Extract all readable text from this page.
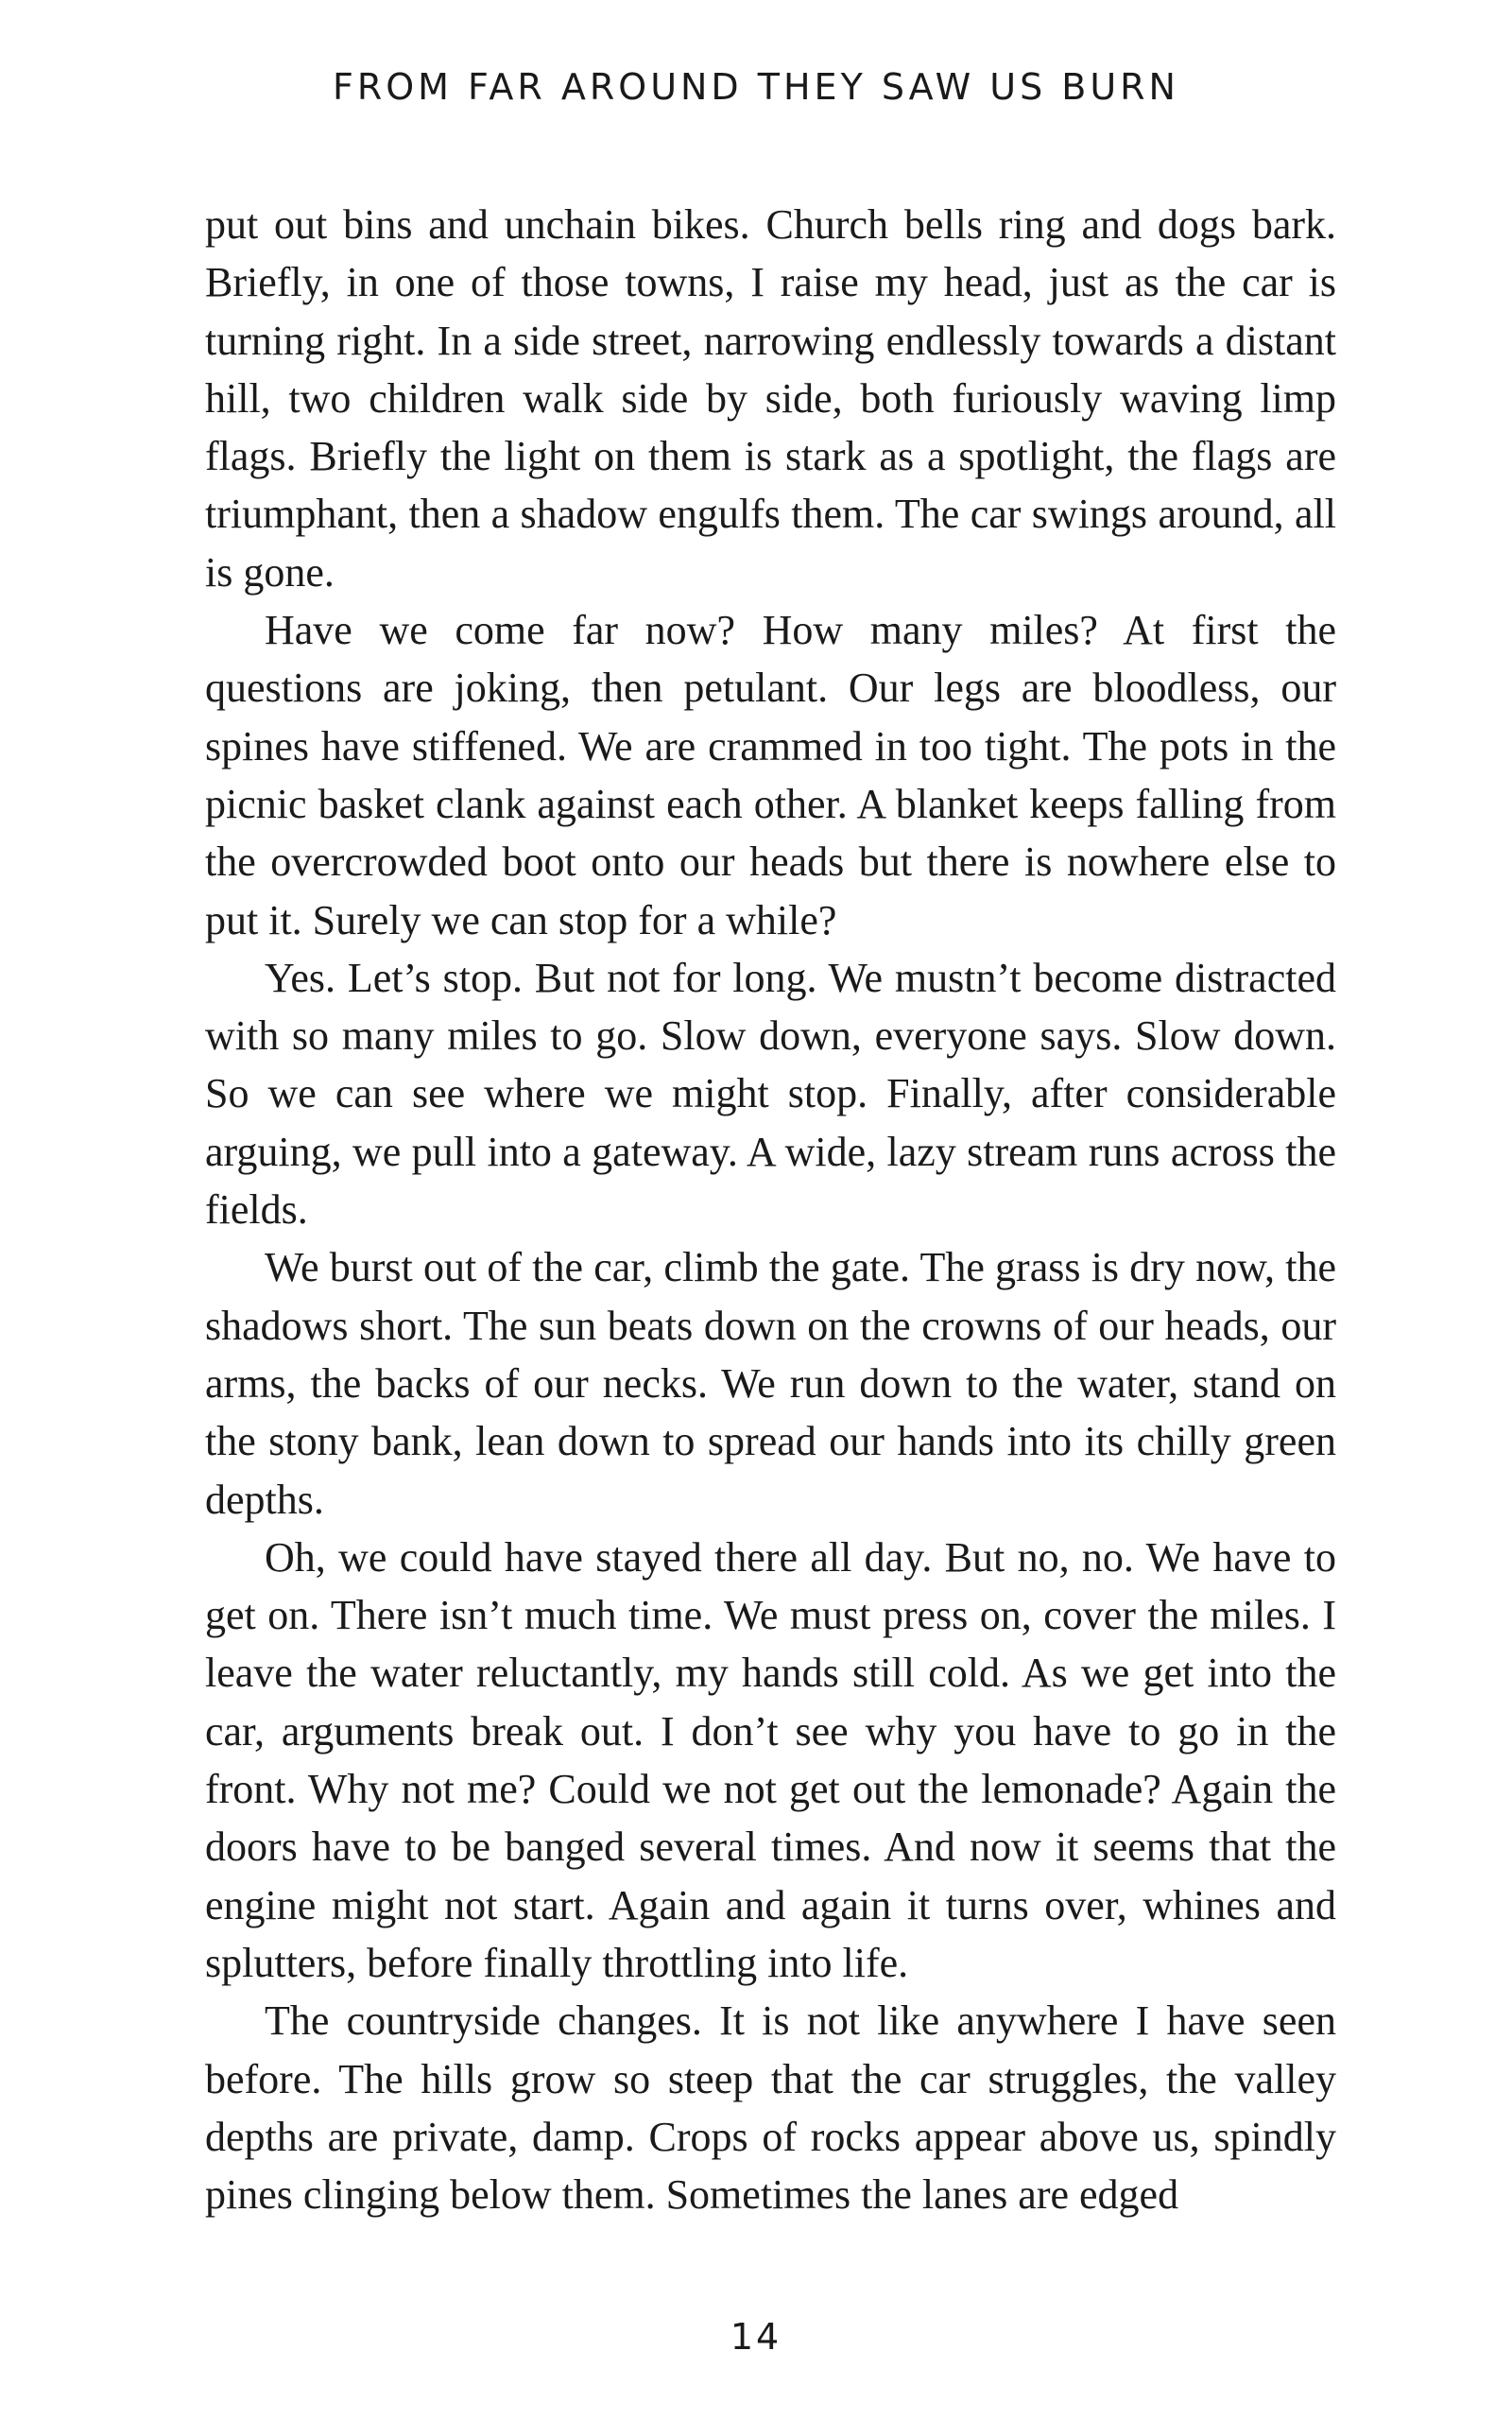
FROM FAR AROUND THEY SAW US BURN

put out bins and unchain bikes. Church bells ring and dogs bark. Briefly, in one of those towns, I raise my head, just as the car is turning right. In a side street, narrowing endlessly towards a distant hill, two children walk side by side, both furiously waving limp flags. Briefly the light on them is stark as a spotlight, the flags are triumphant, then a shadow engulfs them. The car swings around, all is gone.

Have we come far now? How many miles? At first the questions are joking, then petulant. Our legs are bloodless, our spines have stiffened. We are crammed in too tight. The pots in the picnic basket clank against each other. A blanket keeps falling from the overcrowded boot onto our heads but there is nowhere else to put it. Surely we can stop for a while?

Yes. Let’s stop. But not for long. We mustn’t become distracted with so many miles to go. Slow down, everyone says. Slow down. So we can see where we might stop. Finally, after considerable arguing, we pull into a gateway. A wide, lazy stream runs across the fields.

We burst out of the car, climb the gate. The grass is dry now, the shadows short. The sun beats down on the crowns of our heads, our arms, the backs of our necks. We run down to the water, stand on the stony bank, lean down to spread our hands into its chilly green depths.

Oh, we could have stayed there all day. But no, no. We have to get on. There isn’t much time. We must press on, cover the miles. I leave the water reluctantly, my hands still cold. As we get into the car, arguments break out. I don’t see why you have to go in the front. Why not me? Could we not get out the lemonade? Again the doors have to be banged several times. And now it seems that the engine might not start. Again and again it turns over, whines and splutters, before finally throttling into life.

The countryside changes. It is not like anywhere I have seen before. The hills grow so steep that the car struggles, the valley depths are private, damp. Crops of rocks appear above us, spindly pines clinging below them. Sometimes the lanes are edged

14
